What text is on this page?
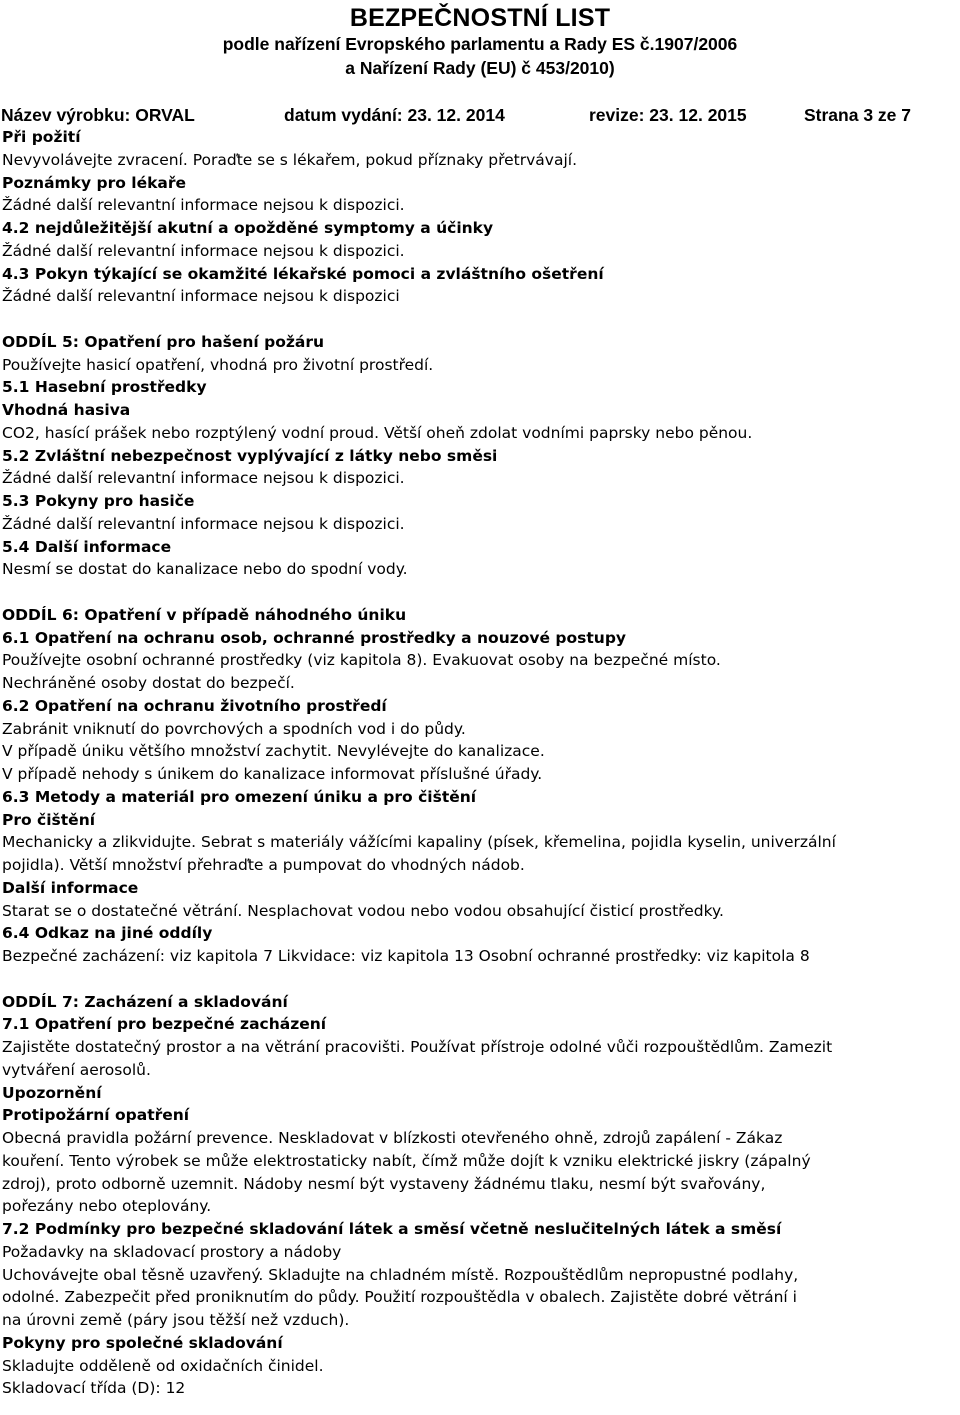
BEZPEČNOSTNÍ LIST
podle nařízení Evropského parlamentu a Rady ES č.1907/2006
a Nařízení Rady (EU) č 453/2010)
Název výrobku: ORVAL	datum vydání: 23. 12. 2014	revize: 23. 12. 2015	Strana 3 ze 7
Při požití
Nevyvolávejte zvracení. Poraďte se s lékařem, pokud příznaky přetrvávají.
Poznámky pro lékaře
Žádné další relevantní informace nejsou k dispozici.
4.2 nejdůležitější akutní a opožděné symptomy a účinky
Žádné další relevantní informace nejsou k dispozici.
4.3 Pokyn týkající se okamžité lékařské pomoci a zvláštního ošetření
Žádné další relevantní informace nejsou k dispozici
ODDÍL 5: Opatření pro hašení požáru
Používejte hasicí opatření, vhodná pro životní prostředí.
5.1 Hasební prostředky
Vhodná hasiva
CO2, hasící prášek nebo rozptýlený vodní proud. Větší oheň zdolat vodními paprsky nebo pěnou.
5.2 Zvláštní nebezpečnost vyplývající z látky nebo směsi
Žádné další relevantní informace nejsou k dispozici.
5.3 Pokyny pro hasiče
Žádné další relevantní informace nejsou k dispozici.
5.4 Další informace
Nesmí se dostat do kanalizace nebo do spodní vody.
ODDÍL 6: Opatření v případě náhodného úniku
6.1 Opatření na ochranu osob, ochranné prostředky a nouzové postupy
Používejte osobní ochranné prostředky (viz kapitola 8). Evakuovat osoby na bezpečné místo.
Nechráněné osoby dostat do bezpečí.
6.2 Opatření na ochranu životního prostředí
Zabránit vniknutí do povrchových a spodních vod i do půdy.
V případě úniku většího množství zachytit. Nevylévejte do kanalizace.
V případě nehody s únikem do kanalizace informovat příslušné úřady.
6.3 Metody a materiál pro omezení úniku a pro čištění
Pro čištění
Mechanicky a zlikvidujte. Sebrat s materiály vážícími kapaliny (písek, křemelina, pojidla kyselin, univerzální
pojidla). Větší množství přehraďte a pumpovat do vhodných nádob.
Další informace
Starat se o dostatečné větrání. Nesplachovat vodou nebo vodou obsahující čisticí prostředky.
6.4 Odkaz na jiné oddíly
Bezpečné zacházení: viz kapitola 7 Likvidace: viz kapitola 13 Osobní ochranné prostředky: viz kapitola 8
ODDÍL 7: Zacházení a skladování
7.1 Opatření pro bezpečné zacházení
Zajistěte dostatečný prostor a na větrání pracovišti. Používat přístroje odolné vůči rozpouštědlům. Zamezit
vytváření aerosolů.
Upozornění
Protipožární opatření
Obecná pravidla požární prevence. Neskladovat v blízkosti otevřeného ohně, zdrojů zapálení - Zákaz
kouření. Tento výrobek se může elektrostaticky nabít, čímž může dojít k vzniku elektrické jiskry (zápalný
zdroj), proto odborně uzemnit. Nádoby nesmí být vystaveny žádnému tlaku, nesmí být svařovány,
pořezány nebo oteplovány.
7.2 Podmínky pro bezpečné skladování látek a směsí včetně neslučitelných látek a směsí
Požadavky na skladovací prostory a nádoby
Uchovávejte obal těsně uzavřený. Skladujte na chladném místě. Rozpouštědlům nepropustné podlahy,
odolné. Zabezpečit před proniknutím do půdy. Použití rozpouštědla v obalech. Zajistěte dobré větrání i
na úrovni země (páry jsou těžší než vzduch).
Pokyny pro společné skladování
Skladujte odděleně od oxidačních činidel.
Skladovací třída (D): 12
